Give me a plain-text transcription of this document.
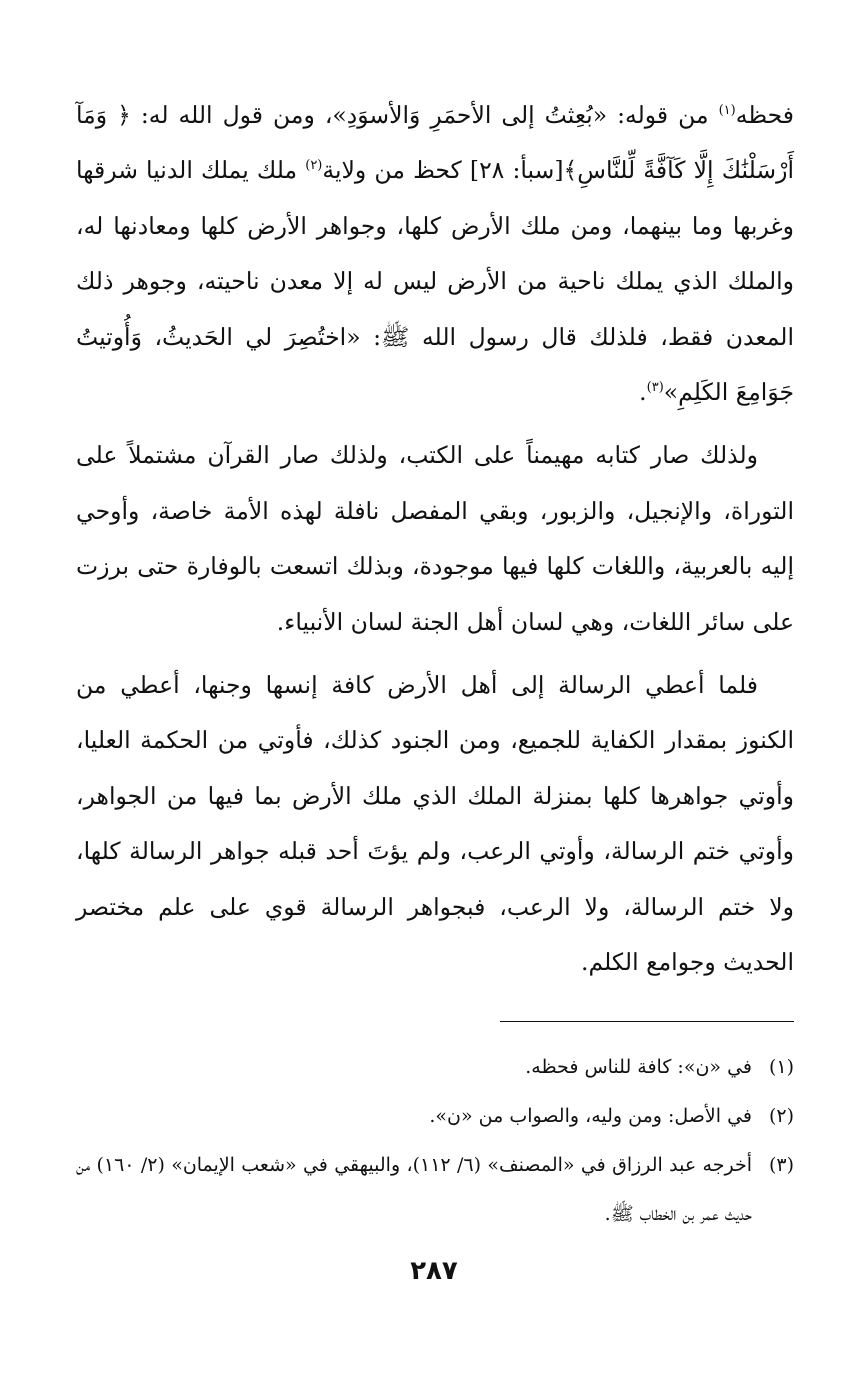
فحظه$^{(١)}$ من قوله: «بُعِثتُ إلى الأحمَرِ وَالأسوَدِ»، ومن قول الله له: ﴿ وَمَآ أَرْسَلْنَٰكَ إِلَّا كَآفَّةً لِّلنَّاسِ﴾[سبأ: ٢٨] كحظ من ولاية$^{(٢)}$ ملك يملك الدنيا شرقها وغربها وما بينهما، ومن ملك الأرض كلها، وجواهر الأرض كلها ومعادنها له، والملك الذي يملك ناحية من الأرض ليس له إلا معدن ناحيته، وجوهر ذلك المعدن فقط، فلذلك قال رسول الله ﷺ: «اختُصِرَ لي الحَديثُ، وَأُوتيتُ جَوَامِعَ الكَلِمِ»$^{(٣)}$.

ولذلك صار كتابه مهيمناً على الكتب، ولذلك صار القرآن مشتملاً على التوراة، والإنجيل، والزبور، وبقي المفصل نافلة لهذه الأمة خاصة، وأوحي إليه بالعربية، واللغات كلها فيها موجودة، وبذلك اتسعت بالوفارة حتى برزت على سائر اللغات، وهي لسان أهل الجنة لسان الأنبياء.

فلما أعطي الرسالة إلى أهل الأرض كافة إنسها وجنها، أعطي من الكنوز بمقدار الكفاية للجميع، ومن الجنود كذلك، فأوتي من الحكمة العليا، وأوتي جواهرها كلها بمنزلة الملك الذي ملك الأرض بما فيها من الجواهر، وأوتي ختم الرسالة، وأوتي الرعب، ولم يؤتَ أحد قبله جواهر الرسالة كلها، ولا ختم الرسالة، ولا الرعب، فبجواهر الرسالة قوي على علم مختصر الحديث وجوامع الكلم.

(١)
في «ن»: كافة للناس فحظه.
(٢)
في الأصل: ومن وليه، والصواب من «ن».
(٣)
أخرجه عبد الرزاق في «المصنف» (٦/ ١١٢)، والبيهقي في «شعب الإيمان» (٢/ ١٦٠) من حديث عمر بن الخطاب ﷺ.
٢٨٧
